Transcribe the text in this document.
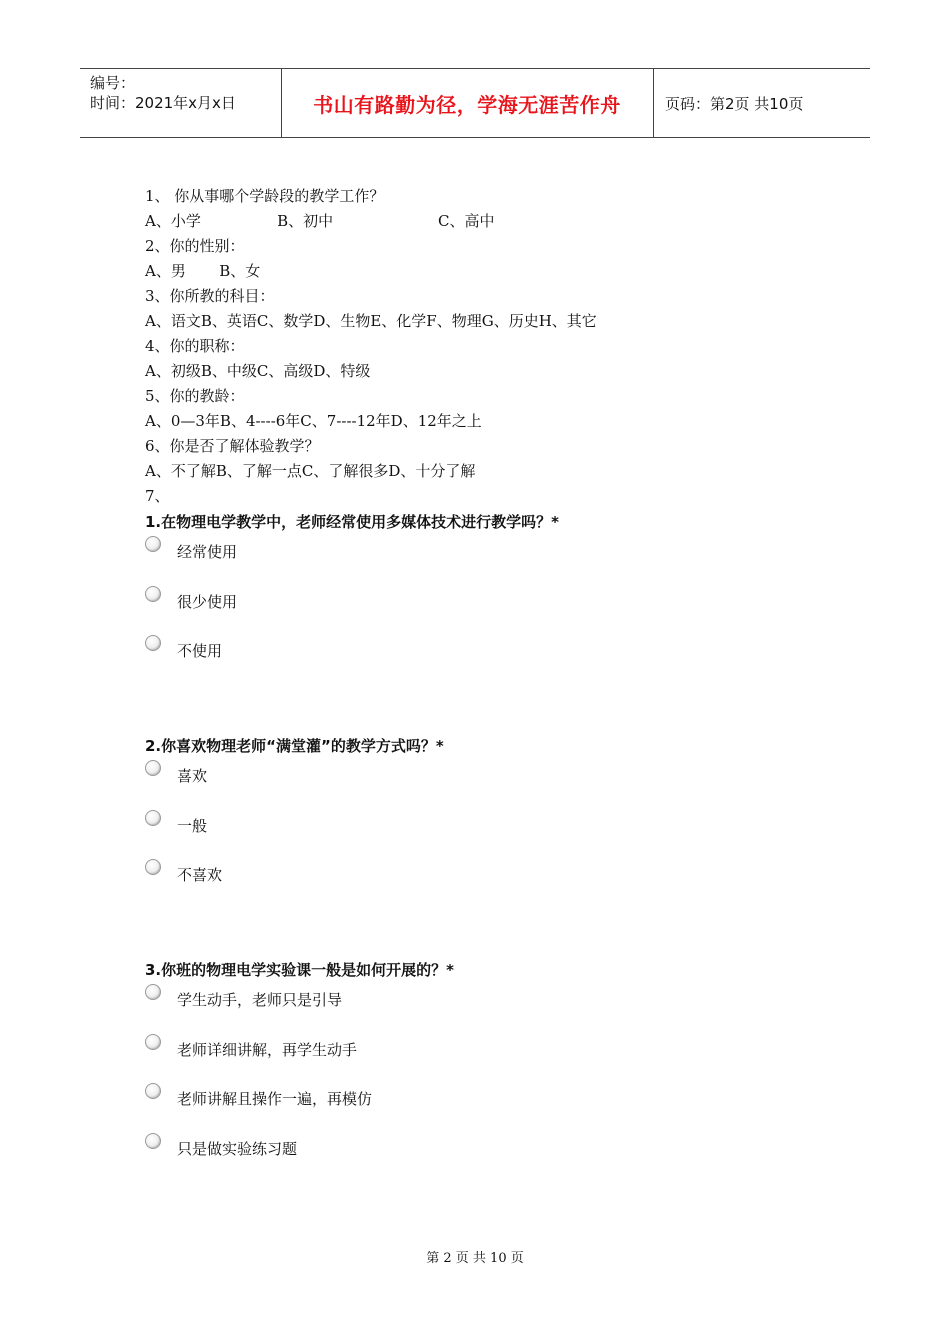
编号：
时间：2021年x月x日	书山有路勤为径，学海无涯苦作舟	页码：第2页 共10页
1、 你从事哪个学龄段的教学工作？
A、小学                B、初中                      C、高中
2、你的性别：
A、男       B、女
3、你所教的科目：
A、语文B、英语C、数学D、生物E、化学F、物理G、历史H、其它
4、你的职称：
A、初级B、中级C、高级D、特级
5、你的教龄：
A、0—3年B、4----6年C、7----12年D、12年之上
6、你是否了解体验教学？
A、不了解B、了解一点C、了解很多D、十分了解
7、
1.在物理电学教学中，老师经常使用多媒体技术进行教学吗？*
经常使用
很少使用
不使用
2.你喜欢物理老师“满堂灌”的教学方式吗？*
喜欢
一般
不喜欢
3.你班的物理电学实验课一般是如何开展的？*
学生动手，老师只是引导
老师详细讲解，再学生动手
老师讲解且操作一遍，再模仿
只是做实验练习题
第 2 页 共 10 页
